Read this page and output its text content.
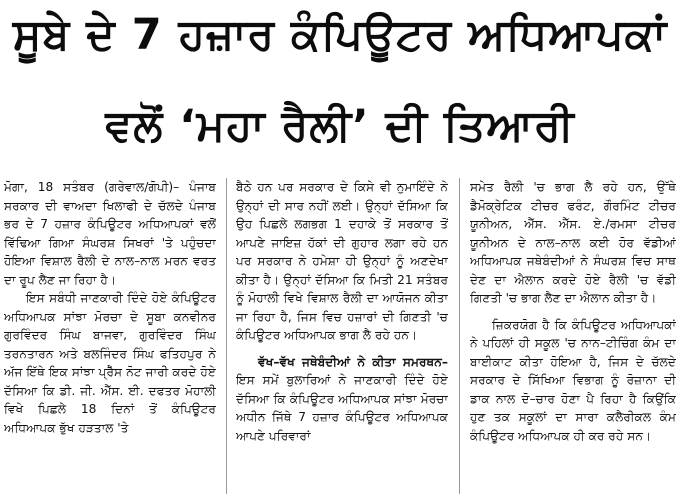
ਸੂਬੇ ਦੇ 7 ਹਜ਼ਾਰ ਕੰਪਿਊਟਰ ਅਧਿਆਪਕਾਂ
ਵਲੋਂ ‘ਮਹਾ ਰੈਲੀ’ ਦੀ ਤਿਆਰੀ

ਮੋਗਾ, 18 ਸਤੰਬਰ (ਗਰੇਵਾਲ/ਗੋਪੀ)– ਪੰਜਾਬ ਸਰਕਾਰ ਦੀ ਵਾਅਦਾ ਖਿਲਾਫੀ ਦੇ ਚੱਲਦੇ ਪੰਜਾਬ ਭਰ ਦੇ 7 ਹਜ਼ਾਰ ਕੰਪਿਊਟਰ ਅਧਿਆਪਕਾਂ ਵਲੋਂ ਵਿੱਢਿਆ ਗਿਆ ਸੰਘਰਸ਼ ਸਿਖਰਾਂ 'ਤੇ ਪਹੁੰਚਦਾ ਹੋਇਆ ਵਿਸ਼ਾਲ ਰੈਲੀ ਦੇ ਨਾਲ–ਨਾਲ ਮਰਨ ਵਰਤ ਦਾ ਰੂਪ ਲੈਣ ਜਾ ਰਿਹਾ ਹੈ।

ਇਸ ਸਬੰਧੀ ਜਾਣਕਾਰੀ ਦਿੰਦੇ ਹੋਏ ਕੰਪਿਊਟਰ ਅਧਿਆਪਕ ਸਾਂਝਾ ਮੋਰਚਾ ਦੇ ਸੂਬਾ ਕਨਵੀਨਰ ਗੁਰਵਿੰਦਰ ਸਿੰਘ ਬਾਜਵਾ, ਗੁਰਵਿੰਦਰ ਸਿੰਘ ਤਰਨਤਾਰਨ ਅਤੇ ਬਲਜਿੰਦਰ ਸਿੰਘ ਫਤਿਹਪੁਰ ਨੇ ਅੱਜ ਇੱਥੇ ਇਕ ਸਾਂਝਾ ਪ੍ਰੈੱਸ ਨੋਟ ਜਾਰੀ ਕਰਦੇ ਹੋਏ ਦੱਸਿਆ ਕਿ ਡੀ. ਜੀ. ਐੱਸ. ਈ. ਦਫਤਰ ਮੋਹਾਲੀ ਵਿਖੇ ਪਿਛਲੇ 18 ਦਿਨਾਂ ਤੋਂ ਕੰਪਿਊਟਰ ਅਧਿਆਪਕ ਭੁੱਖ ਹੜਤਾਲ 'ਤੇ

ਬੈਠੇ ਹਨ ਪਰ ਸਰਕਾਰ ਦੇ ਕਿਸੇ ਵੀ ਨੁਮਾਇੰਦੇ ਨੇ ਉਨ੍ਹਾਂ ਦੀ ਸਾਰ ਨਹੀਂ ਲਈ। ਉਨ੍ਹਾਂ ਦੱਸਿਆ ਕਿ ਉਹ ਪਿਛਲੇ ਲਗਭਗ 1 ਦਹਾਕੇ ਤੋਂ ਸਰਕਾਰ ਤੋਂ ਆਪਣੇ ਜਾਇਜ਼ ਹੱਕਾਂ ਦੀ ਗੁਹਾਰ ਲਗਾ ਰਹੇ ਹਨ ਪਰ ਸਰਕਾਰ ਨੇ ਹਮੇਸ਼ਾ ਹੀ ਉਨ੍ਹਾਂ ਨੂੰ ਅਣਦੇਖਾ ਕੀਤਾ ਹੈ। ਉਨ੍ਹਾਂ ਦੱਸਿਆ ਕਿ ਮਿਤੀ 21 ਸਤੰਬਰ ਨੂੰ ਮੋਹਾਲੀ ਵਿਖੇ ਵਿਸ਼ਾਲ ਰੈਲੀ ਦਾ ਆਯੋਜਨ ਕੀਤਾ ਜਾ ਰਿਹਾ ਹੈ, ਜਿਸ ਵਿਚ ਹਜ਼ਾਰਾਂ ਦੀ ਗਿਣਤੀ 'ਚ ਕੰਪਿਊਟਰ ਅਧਿਆਪਕ ਭਾਗ ਲੈ ਰਹੇ ਹਨ।

ਵੱਖ–ਵੱਖ ਜਥੇਬੰਦੀਆਂ ਨੇ ਕੀਤਾ ਸਮਰਥਨ– ਇਸ ਸਮੇਂ ਬੁਲਾਰਿਆਂ ਨੇ ਜਾਣਕਾਰੀ ਦਿੰਦੇ ਹੋਏ ਦੱਸਿਆ ਕਿ ਕੰਪਿਊਟਰ ਅਧਿਆਪਕ ਸਾਂਝਾ ਮੋਰਚਾ ਅਧੀਨ ਜਿੱਥੇ 7 ਹਜ਼ਾਰ ਕੰਪਿਊਟਰ ਅਧਿਆਪਕ ਆਪਣੇ ਪਰਿਵਾਰਾਂ

ਸਮੇਤ ਰੈਲੀ 'ਚ ਭਾਗ ਲੈ ਰਹੇ ਹਨ, ਉੱਥੇ ਡੈਮੋਕ੍ਰੇਟਿਕ ਟੀਚਰ ਫਰੰਟ, ਗੌਰਮਿੰਟ ਟੀਚਰ ਯੂਨੀਅਨ, ਐੱਸ. ਐੱਸ. ਏ./ਰਮਸਾ ਟੀਚਰ ਯੂਨੀਅਨ ਦੇ ਨਾਲ–ਨਾਲ ਕਈ ਹੋਰ ਵੱਡੀਆਂ ਅਧਿਆਪਕ ਜਥੇਬੰਦੀਆਂ ਨੇ ਸੰਘਰਸ਼ ਵਿਚ ਸਾਥ ਦੇਣ ਦਾ ਐਲਾਨ ਕਰਦੇ ਹੋਏ ਰੈਲੀ 'ਚ ਵੱਡੀ ਗਿਣਤੀ 'ਚ ਭਾਗ ਲੈਣ ਦਾ ਐਲਾਨ ਕੀਤਾ ਹੈ।

ਜ਼ਿਕਰਯੋਗ ਹੈ ਕਿ ਕੰਪਿਊਟਰ ਅਧਿਆਪਕਾਂ ਨੇ ਪਹਿਲਾਂ ਹੀ ਸਕੂਲ 'ਚ ਨਾਨ–ਟੀਚਿੰਗ ਕੰਮ ਦਾ ਬਾਈਕਾਟ ਕੀਤਾ ਹੋਇਆ ਹੈ, ਜਿਸ ਦੇ ਚੱਲਦੇ ਸਰਕਾਰ ਦੇ ਸਿੱਖਿਆ ਵਿਭਾਗ ਨੂੰ ਰੋਜ਼ਾਨਾ ਦੀ ਡਾਕ ਨਾਲ ਦੋ–ਚਾਰ ਹੋਣਾ ਪੈ ਰਿਹਾ ਹੈ ਕਿਉਂਕਿ ਹੁਣ ਤਕ ਸਕੂਲਾਂ ਦਾ ਸਾਰਾ ਕਲੈਰੀਕਲ ਕੰਮ ਕੰਪਿਊਟਰ ਅਧਿਆਪਕ ਹੀ ਕਰ ਰਹੇ ਸਨ।
